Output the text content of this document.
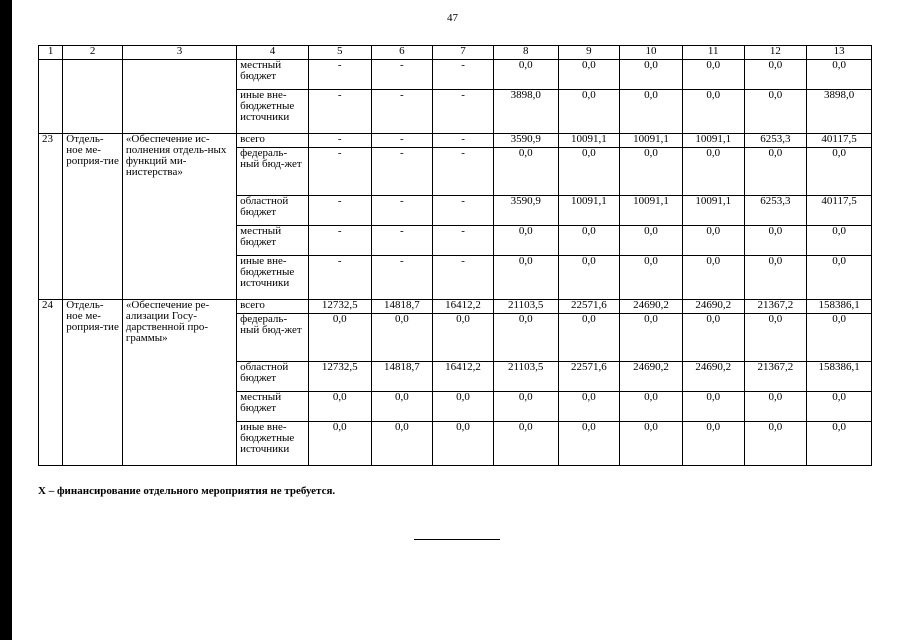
47
1	2	3	4	5	6	7	8	9	10	11	12	13
			местный бюджет	-	-	-	0,0	0,0	0,0	0,0	0,0	0,0
			иные вне-бюджетные источники	-	-	-	3898,0	0,0	0,0	0,0	0,0	3898,0
23	Отдель-ное ме-роприя-тие	«Обеспечение ис-полнения отдель-ных функций ми-нистерства»	всего	-	-	-	3590,9	10091,1	10091,1	10091,1	6253,3	40117,5
			федераль-ный бюд-жет	-	-	-	0,0	0,0	0,0	0,0	0,0	0,0
			областной бюджет	-	-	-	3590,9	10091,1	10091,1	10091,1	6253,3	40117,5
			местный бюджет	-	-	-	0,0	0,0	0,0	0,0	0,0	0,0
			иные вне-бюджетные источники	-	-	-	0,0	0,0	0,0	0,0	0,0	0,0
24	Отдель-ное ме-роприя-тие	«Обеспечение ре-ализации Госу-дарственной про-граммы»	всего	12732,5	14818,7	16412,2	21103,5	22571,6	24690,2	24690,2	21367,2	158386,1
			федераль-ный бюд-жет	0,0	0,0	0,0	0,0	0,0	0,0	0,0	0,0	0,0
			областной бюджет	12732,5	14818,7	16412,2	21103,5	22571,6	24690,2	24690,2	21367,2	158386,1
			местный бюджет	0,0	0,0	0,0	0,0	0,0	0,0	0,0	0,0	0,0
			иные вне-бюджетные источники	0,0	0,0	0,0	0,0	0,0	0,0	0,0	0,0	0,0
Х – финансирование отдельного мероприятия не требуется.
